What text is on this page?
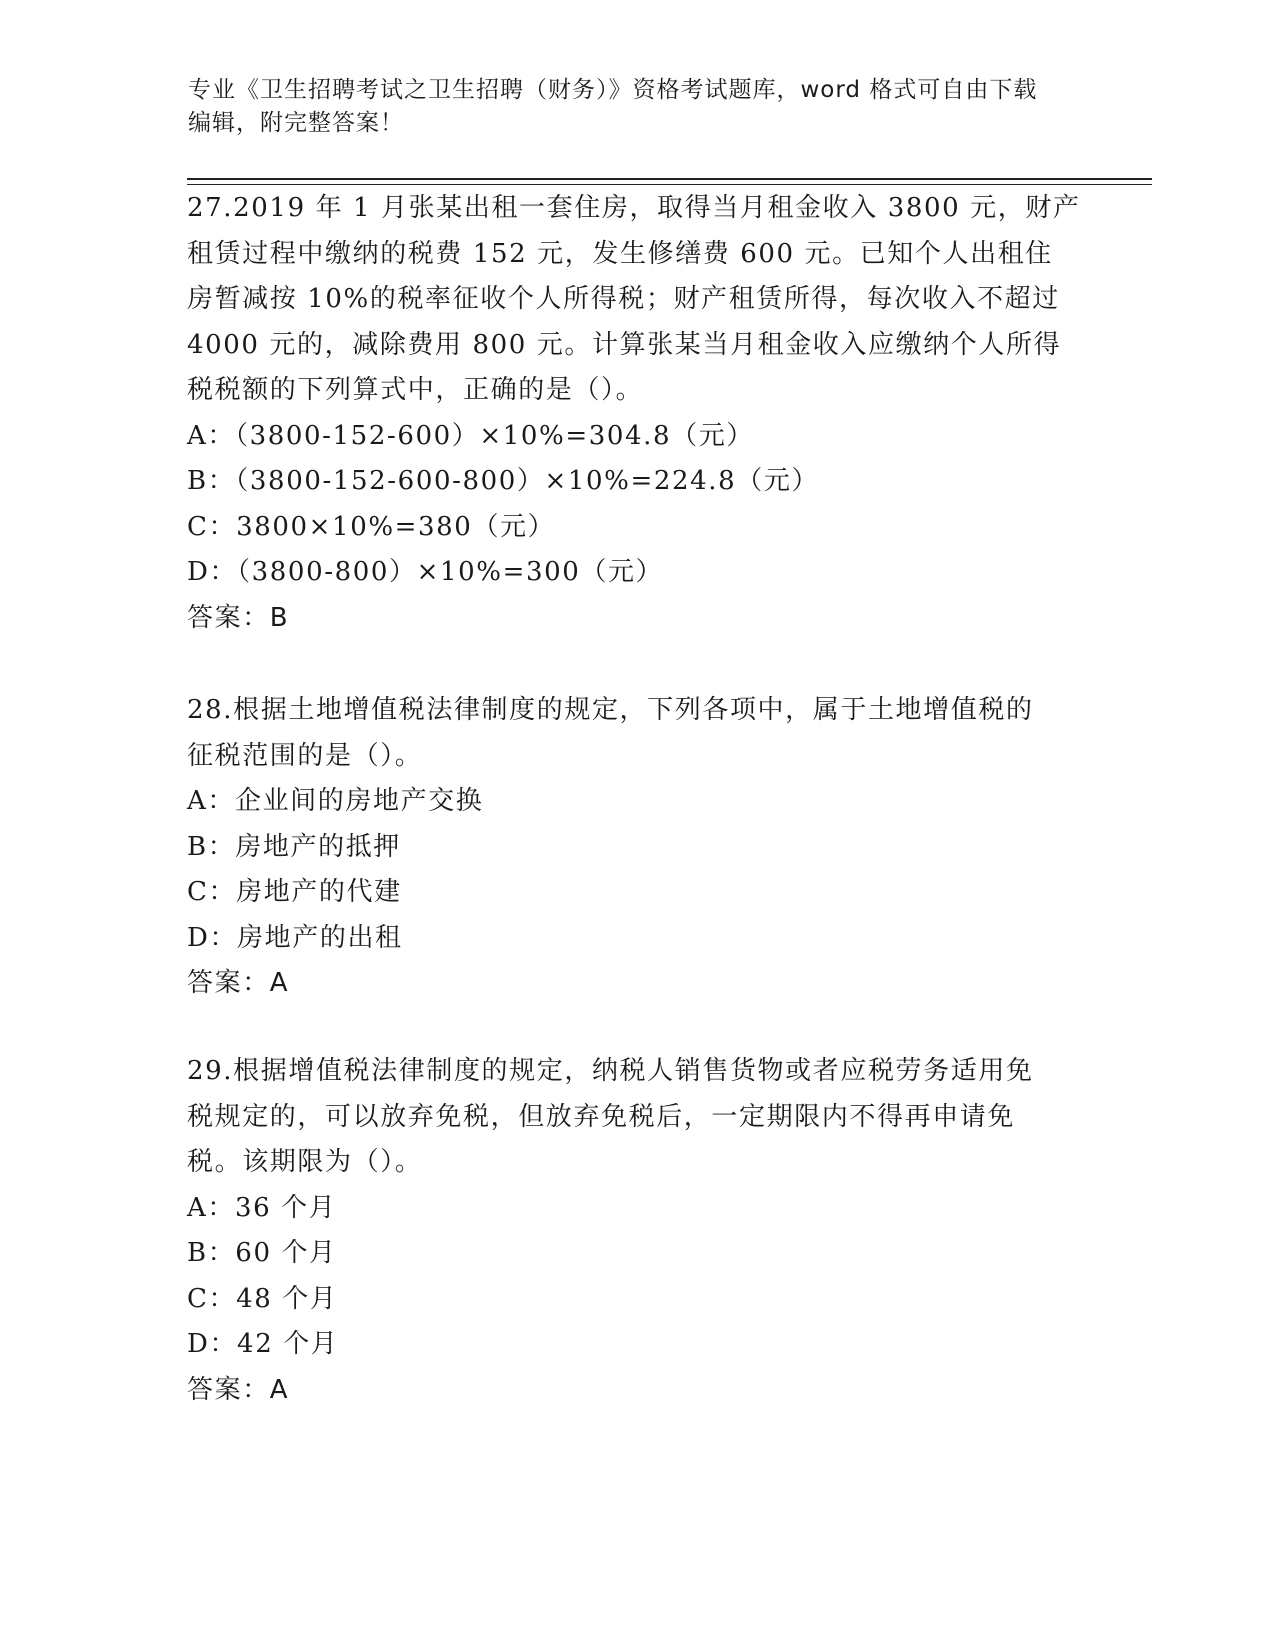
专业《卫生招聘考试之卫生招聘（财务）》资格考试题库，word 格式可自由下载
编辑，附完整答案！
27.2019 年 1 月张某出租一套住房，取得当月租金收入 3800 元，财产
租赁过程中缴纳的税费 152 元，发生修缮费 600 元。已知个人出租住
房暂减按 10%的税率征收个人所得税；财产租赁所得，每次收入不超过
4000 元的，减除费用 800 元。计算张某当月租金收入应缴纳个人所得
税税额的下列算式中，正确的是（）。
A：（3800-152-600）×10%=304.8（元）
B：（3800-152-600-800）×10%=224.8（元）
C：3800×10%=380（元）
D：（3800-800）×10%=300（元）
答案：B
28.根据土地增值税法律制度的规定，下列各项中，属于土地增值税的
征税范围的是（）。
A：企业间的房地产交换
B：房地产的抵押
C：房地产的代建
D：房地产的出租
答案：A
29.根据增值税法律制度的规定，纳税人销售货物或者应税劳务适用免
税规定的，可以放弃免税，但放弃免税后，一定期限内不得再申请免
税。该期限为（）。
A：36 个月
B：60 个月
C：48 个月
D：42 个月
答案：A
